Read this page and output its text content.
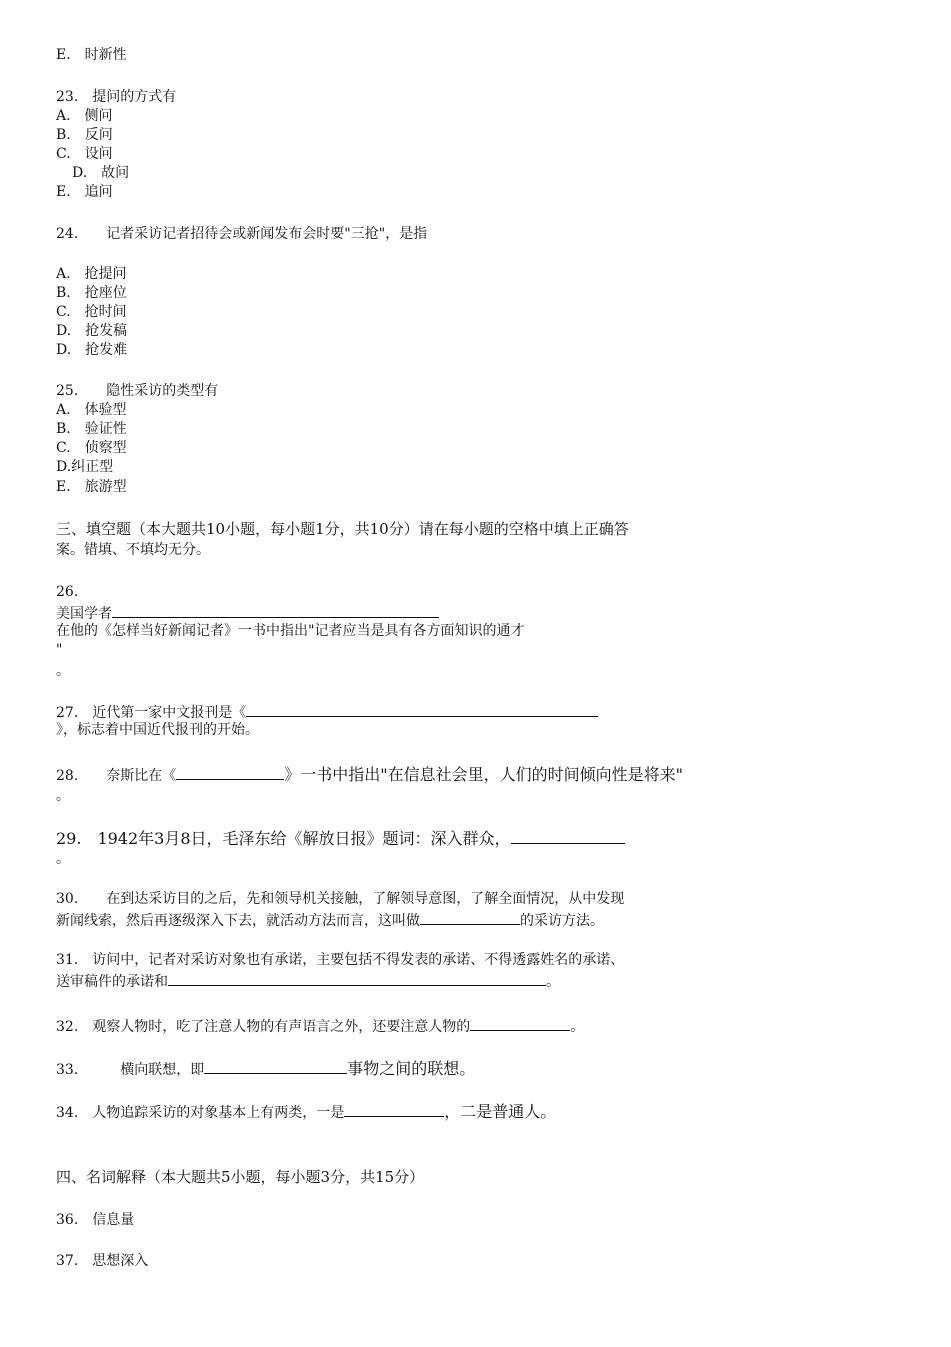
E.　时新性
23.　提问的方式有
A.　侧问
B.　反问
C.　设问
D.　故问
E.　追问
24.　　记者采访记者招待会或新闻发布会时要"三抢"，是指
A.　抢提问
B.　抢座位
C.　抢时间
D.　抢发稿
D.　抢发难
25.　　隐性采访的类型有
A.　体验型
B.　验证性
C.　侦察型
D.纠正型
E.　旅游型
三、填空题（本大题共10小题，每小题1分，共10分）请在每小题的空格中填上正确答
案。错填、不填均无分。
26.
美国学者
在他的《怎样当好新闻记者》一书中指出"记者应当是具有各方面知识的通才
"
。
27.　近代第一家中文报刊是《
》，标志着中国近代报刊的开始。
28.　　奈斯比在《	》一书中指出"在信息社会里，人们的时间倾向性是将来"
。
29.　1942年3月8日，毛泽东给《解放日报》题词：深入群众，
。
30.　　在到达采访目的之后，先和领导机关接触，了解领导意图，了解全面情况，从中发现
新闻线索，然后再逐级深入下去，就活动方法而言，这叫做	的采访方法。
31.　访问中，记者对采访对象也有承诺，主要包括不得发表的承诺、不得透露姓名的承诺、
送审稿件的承诺和	。
32.　观察人物时，吃了注意人物的有声语言之外，还要注意人物的	。
33.　　　横向联想，即	事物之间的联想。
34.　人物追踪采访的对象基本上有两类，一是	，二是普通人。
四、名词解释（本大题共5小题，每小题3分，共15分）
36.　信息量
37.　思想深入
